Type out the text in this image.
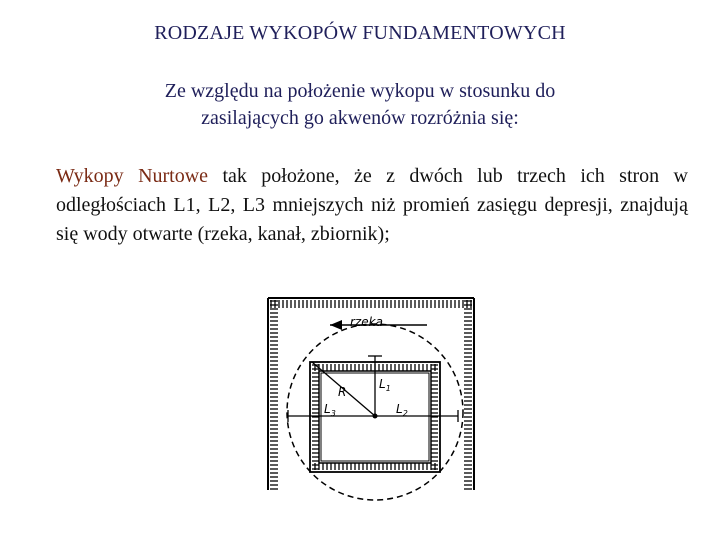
RODZAJE WYKOPÓW FUNDAMENTOWYCH
Ze względu na położenie wykopu w stosunku do
zasilających go akwenów rozróżnia się:
Wykopy Nurtowe tak położone, że z dwóch lub trzech ich stron w odległościach L1, L2, L3 mniejszych niż promień zasięgu depresji, znajdują się wody otwarte (rzeka, kanał, zbiornik);
rzeka
R
$L_1$
$L_2$
$L_3$
